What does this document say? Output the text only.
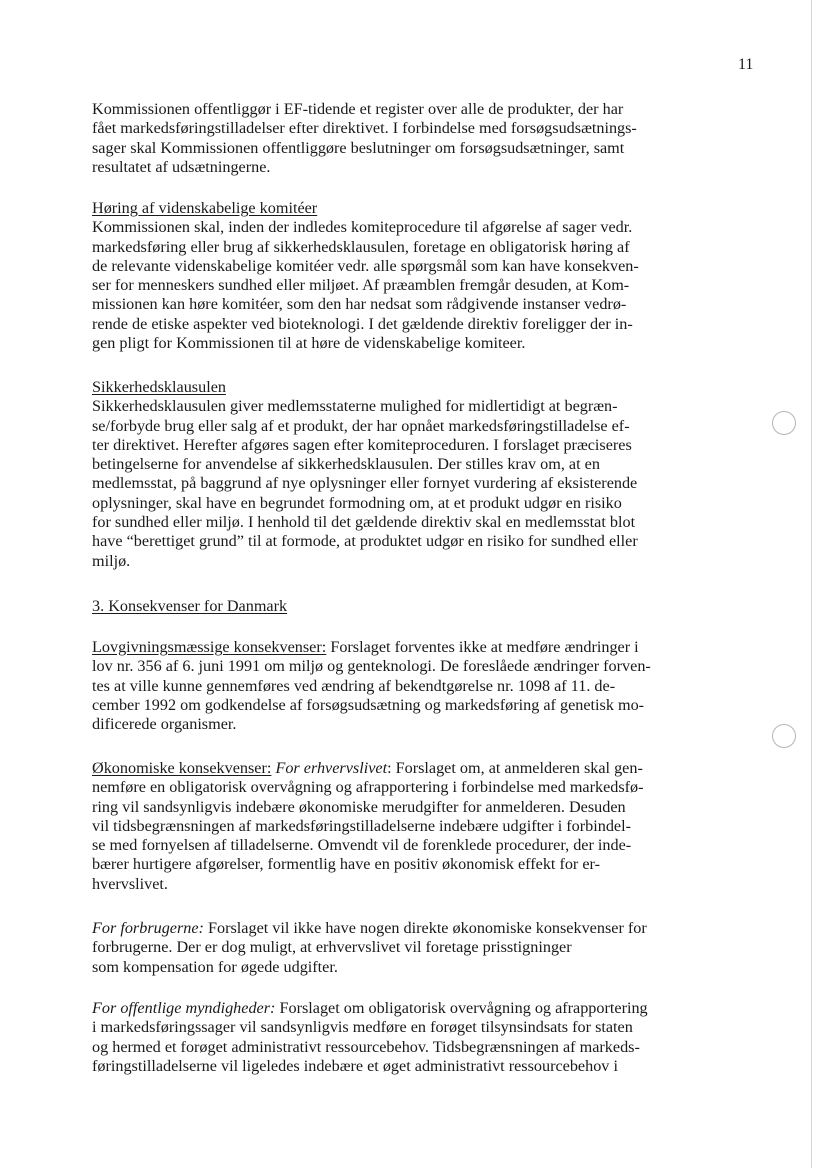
11
Kommissionen offentliggør i EF-tidende et register over alle de produkter, der har
fået markedsføringstilladelser efter direktivet. I forbindelse med forsøgsudsætnings-
sager skal Kommissionen offentliggøre beslutninger om forsøgsudsætninger, samt
resultatet af udsætningerne.
Høring af videnskabelige komitéer
Kommissionen skal, inden der indledes komiteprocedure til afgørelse af sager vedr.
markedsføring eller brug af sikkerhedsklausulen, foretage en obligatorisk høring af
de relevante videnskabelige komitéer vedr. alle spørgsmål som kan have konsekven-
ser for menneskers sundhed eller miljøet. Af præamblen fremgår desuden, at Kom-
missionen kan høre komitéer, som den har nedsat som rådgivende instanser vedrø-
rende de etiske aspekter ved bioteknologi. I det gældende direktiv foreligger der in-
gen pligt for Kommissionen til at høre de videnskabelige komiteer.
Sikkerhedsklausulen
Sikkerhedsklausulen giver medlemsstaterne mulighed for midlertidigt at begræn-
se/forbyde brug eller salg af et produkt, der har opnået markedsføringstilladelse ef-
ter direktivet. Herefter afgøres sagen efter komiteproceduren. I forslaget præciseres
betingelserne for anvendelse af sikkerhedsklausulen. Der stilles krav om, at en
medlemsstat, på baggrund af nye oplysninger eller fornyet vurdering af eksisterende
oplysninger, skal have en begrundet formodning om, at et produkt udgør en risiko
for sundhed eller miljø. I henhold til det gældende direktiv skal en medlemsstat blot
have “berettiget grund” til at formode, at produktet udgør en risiko for sundhed eller
miljø.
3. Konsekvenser for Danmark
Lovgivningsmæssige konsekvenser: Forslaget forventes ikke at medføre ændringer i
lov nr. 356 af 6. juni 1991 om miljø og genteknologi. De foreslåede ændringer forven-
tes at ville kunne gennemføres ved ændring af bekendtgørelse nr. 1098 af 11. de-
cember 1992 om godkendelse af forsøgsudsætning og markedsføring af genetisk mo-
dificerede organismer.
Økonomiske konsekvenser: For erhvervslivet: Forslaget om, at anmelderen skal gen-
nemføre en obligatorisk overvågning og afrapportering i forbindelse med markedsfø-
ring vil sandsynligvis indebære økonomiske merudgifter for anmelderen. Desuden
vil tidsbegrænsningen af markedsføringstilladelserne indebære udgifter i forbindel-
se med fornyelsen af tilladelserne. Omvendt vil de forenklede procedurer, der inde-
bærer hurtigere afgørelser, formentlig have en positiv økonomisk effekt for er-
hvervslivet.
For forbrugerne: Forslaget vil ikke have nogen direkte økonomiske konsekvenser for
forbrugerne. Der er dog muligt, at erhvervslivet vil foretage prisstigninger
som kompensation for øgede udgifter.
For offentlige myndigheder: Forslaget om obligatorisk overvågning og afrapportering
i markedsføringssager vil sandsynligvis medføre en forøget tilsynsindsats for staten
og hermed et forøget administrativt ressourcebehov. Tidsbegrænsningen af markeds-
føringstilladelserne vil ligeledes indebære et øget administrativt ressourcebehov i
